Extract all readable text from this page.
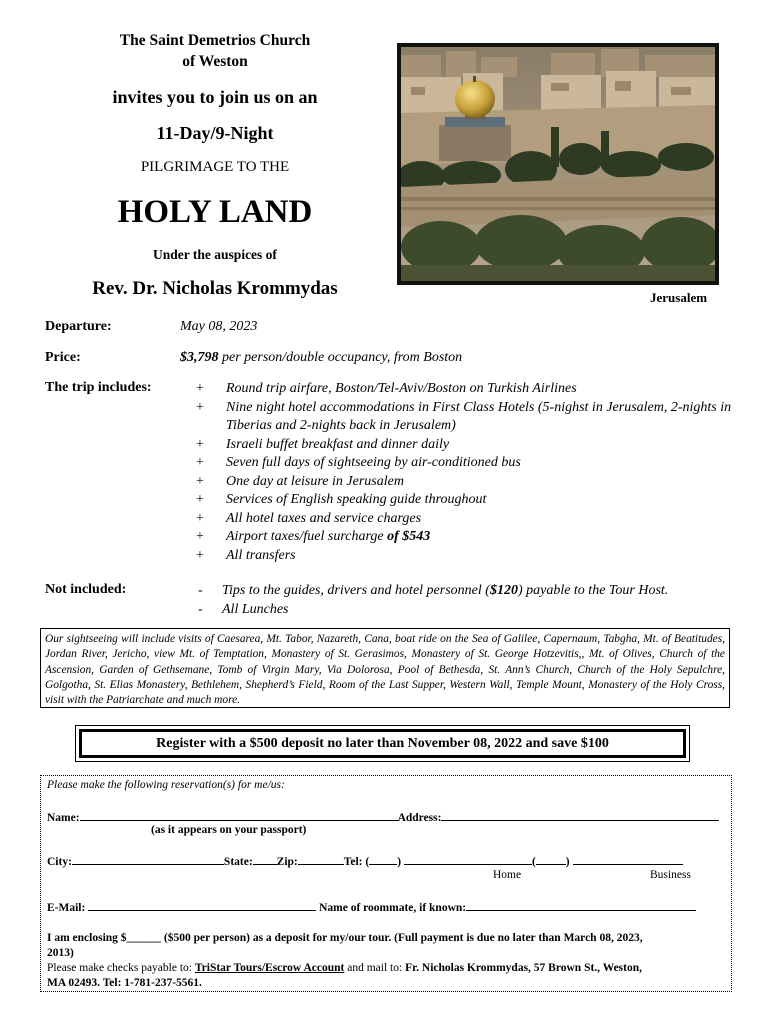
The Saint Demetrios Church
of Weston
invites you to join us on an
11-Day/9-Night
PILGRIMAGE TO THE
HOLY LAND
Under the auspices of
Rev. Dr. Nicholas Krommydas	Jerusalem
Departure:	May 08, 2023
Price:	$3,798 per person/double occupancy, from Boston
The trip includes:	+	Round trip airfare, Boston/Tel-Aviv/Boston on Turkish Airlines
+	Nine night hotel accommodations in First Class Hotels (5-nighst in Jerusalem, 2-nights in Tiberias and 2-nights back in Jerusalem)
+	Israeli buffet breakfast and dinner daily
+	Seven full days of sightseeing by air-conditioned bus
+	One day at leisure in Jerusalem
+	Services of English speaking guide throughout
+	All hotel taxes and service charges
+	Airport taxes/fuel surcharge of $543
+	All transfers
Not included:	-	Tips to the guides, drivers and hotel personnel ($120) payable to the Tour Host.
-	All Lunches
Our sightseeing will include visits of Caesarea, Mt. Tabor, Nazareth, Cana, boat ride on the Sea of Galilee, Capernaum, Tabgha, Mt. of Beatitudes, Jordan River, Jericho, view Mt. of Temptation, Monastery of St. Gerasimos, Monastery of St. George Hotzevitis,, Mt. of Olives, Church of the Ascension, Garden of Gethsemane, Tomb of Virgin Mary, Via Dolorosa, Pool of Bethesda, St. Ann’s Church, Church of the Holy Sepulchre, Golgotha, St. Elias Monastery, Bethlehem, Shepherd’s Field, Room of the Last Supper, Western Wall, Temple Mount, Monastery of the Holy Cross, visit with the Patriarchate and much more.
Register with a $500 deposit no later than November 08, 2022 and save $100
Please make the following reservation(s) for me/us:
Name:	Address:
(as it appears on your passport)
City:	State: Zip:	Tel: ( )	(	)
Home	Business
E-Mail:	Name of roommate, if known:
I am enclosing $______ ($500 per person) as a deposit for my/our tour. (Full payment is due no later than March 08, 2023,
2013)
Please make checks payable to: TriStar Tours/Escrow Account and mail to: Fr. Nicholas Krommydas, 57 Brown St., Weston,
MA 02493. Tel: 1-781-237-5561.
